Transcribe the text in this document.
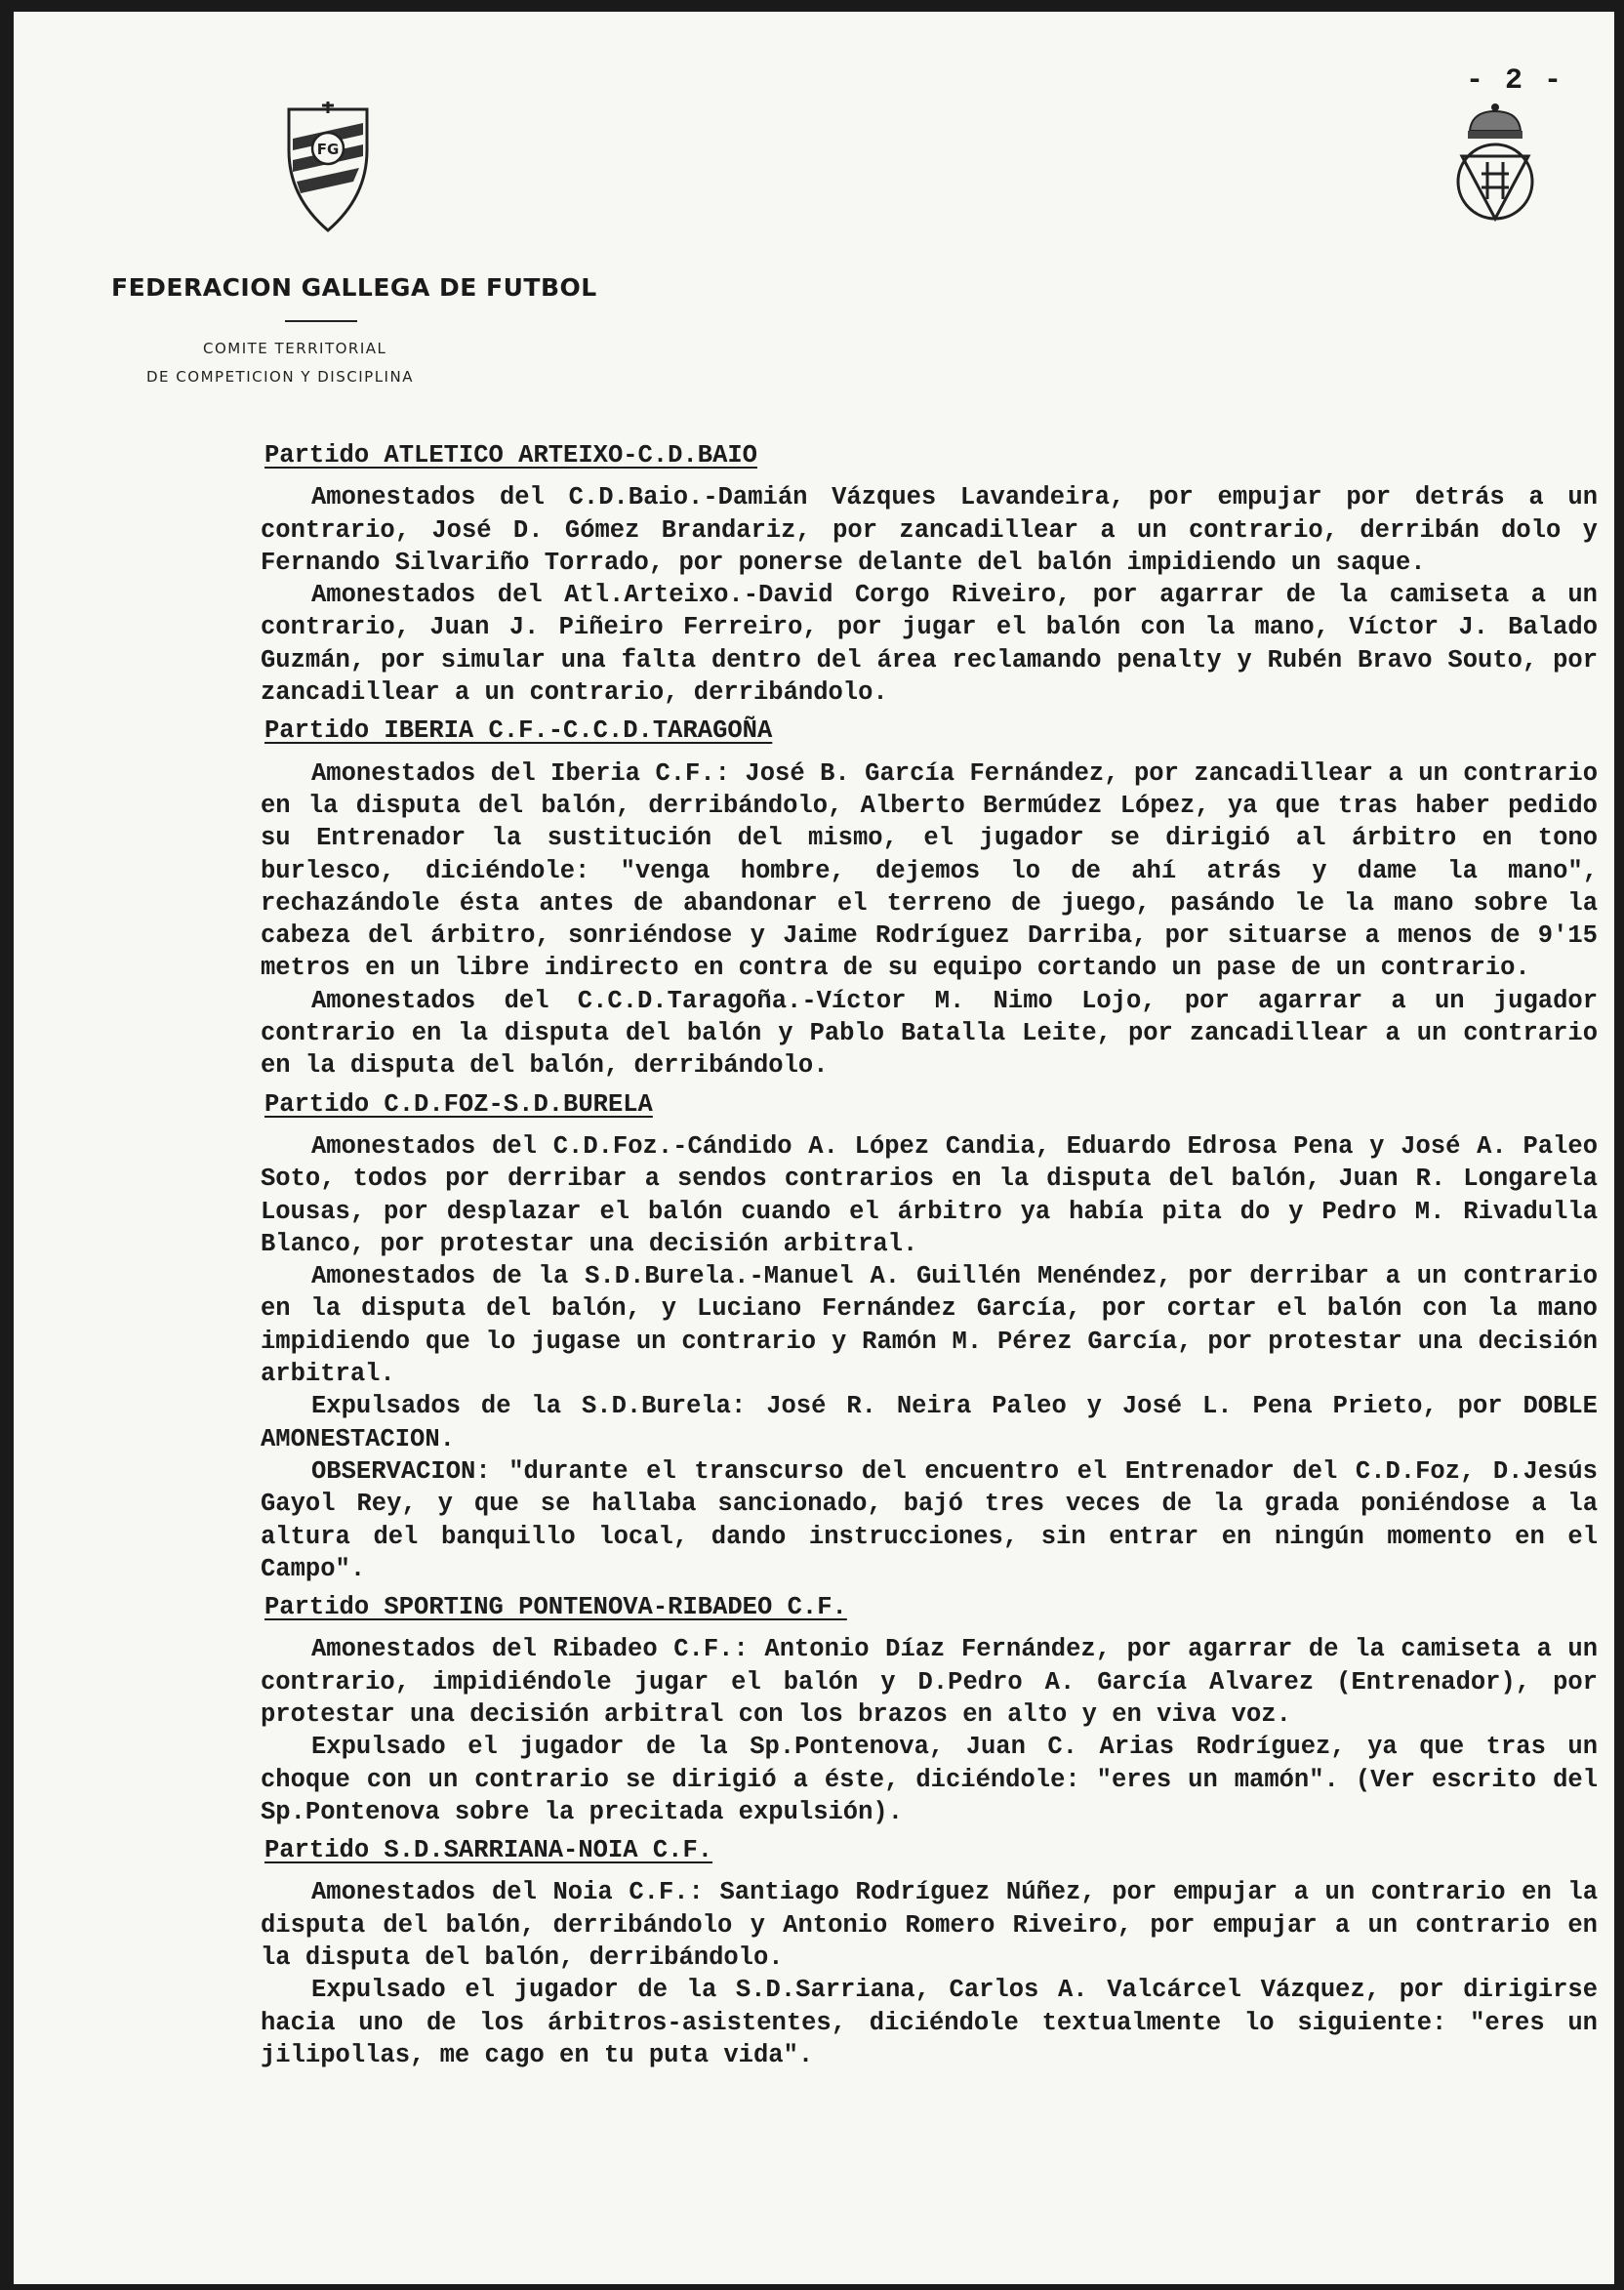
- 2 -
FG
FEDERACION GALLEGA DE FUTBOL
COMITE TERRITORIAL
DE COMPETICION Y DISCIPLINA

Partido ATLETICO ARTEIXO-C.D.BAIO

Amonestados del C.D.Baio.-Damián Vázques Lavandeira, por empujar por detrás a un contrario, José D. Gómez Brandariz, por zancadillear a un contrario, derribán dolo y Fernando Silvariño Torrado, por ponerse delante del balón impidiendo un saque.

Amonestados del Atl.Arteixo.-David Corgo Riveiro, por agarrar de la camiseta a un contrario, Juan J. Piñeiro Ferreiro, por jugar el balón con la mano, Víctor J. Balado Guzmán, por simular una falta dentro del área reclamando penalty y Rubén Bravo Souto, por zancadillear a un contrario, derribándolo.

Partido IBERIA C.F.-C.C.D.TARAGOÑA

Amonestados del Iberia C.F.: José B. García Fernández, por zancadillear a un contrario en la disputa del balón, derribándolo, Alberto Bermúdez López, ya que tras haber pedido su Entrenador la sustitución del mismo, el jugador se dirigió al árbitro en tono burlesco, diciéndole: "venga hombre, dejemos lo de ahí atrás y dame la mano", rechazándole ésta antes de abandonar el terreno de juego, pasándo le la mano sobre la cabeza del árbitro, sonriéndose y Jaime Rodríguez Darriba, por situarse a menos de 9'15 metros en un libre indirecto en contra de su equipo cortando un pase de un contrario.

Amonestados del C.C.D.Taragoña.-Víctor M. Nimo Lojo, por agarrar a un jugador contrario en la disputa del balón y Pablo Batalla Leite, por zancadillear a un contrario en la disputa del balón, derribándolo.

Partido C.D.FOZ-S.D.BURELA

Amonestados del C.D.Foz.-Cándido A. López Candia, Eduardo Edrosa Pena y José A. Paleo Soto, todos por derribar a sendos contrarios en la disputa del balón, Juan R. Longarela Lousas, por desplazar el balón cuando el árbitro ya había pita do y Pedro M. Rivadulla Blanco, por protestar una decisión arbitral.

Amonestados de la S.D.Burela.-Manuel A. Guillén Menéndez, por derribar a un contrario en la disputa del balón, y Luciano Fernández García, por cortar el balón con la mano impidiendo que lo jugase un contrario y Ramón M. Pérez García, por protestar una decisión arbitral.

Expulsados de la S.D.Burela: José R. Neira Paleo y José L. Pena Prieto, por DOBLE AMONESTACION.

OBSERVACION: "durante el transcurso del encuentro el Entrenador del C.D.Foz, D.Jesús Gayol Rey, y que se hallaba sancionado, bajó tres veces de la grada poniéndose a la altura del banquillo local, dando instrucciones, sin entrar en ningún momento en el Campo".

Partido SPORTING PONTENOVA-RIBADEO C.F.

Amonestados del Ribadeo C.F.: Antonio Díaz Fernández, por agarrar de la camiseta a un contrario, impidiéndole jugar el balón y D.Pedro A. García Alvarez (Entrenador), por protestar una decisión arbitral con los brazos en alto y en viva voz.

Expulsado el jugador de la Sp.Pontenova, Juan C. Arias Rodríguez, ya que tras un choque con un contrario se dirigió a éste, diciéndole: "eres un mamón". (Ver escrito del Sp.Pontenova sobre la precitada expulsión).

Partido S.D.SARRIANA-NOIA C.F.

Amonestados del Noia C.F.: Santiago Rodríguez Núñez, por empujar a un contrario en la disputa del balón, derribándolo y Antonio Romero Riveiro, por empujar a un contrario en la disputa del balón, derribándolo.

Expulsado el jugador de la S.D.Sarriana, Carlos A. Valcárcel Vázquez, por dirigirse hacia uno de los árbitros-asistentes, diciéndole textualmente lo siguiente: "eres un jilipollas, me cago en tu puta vida".
